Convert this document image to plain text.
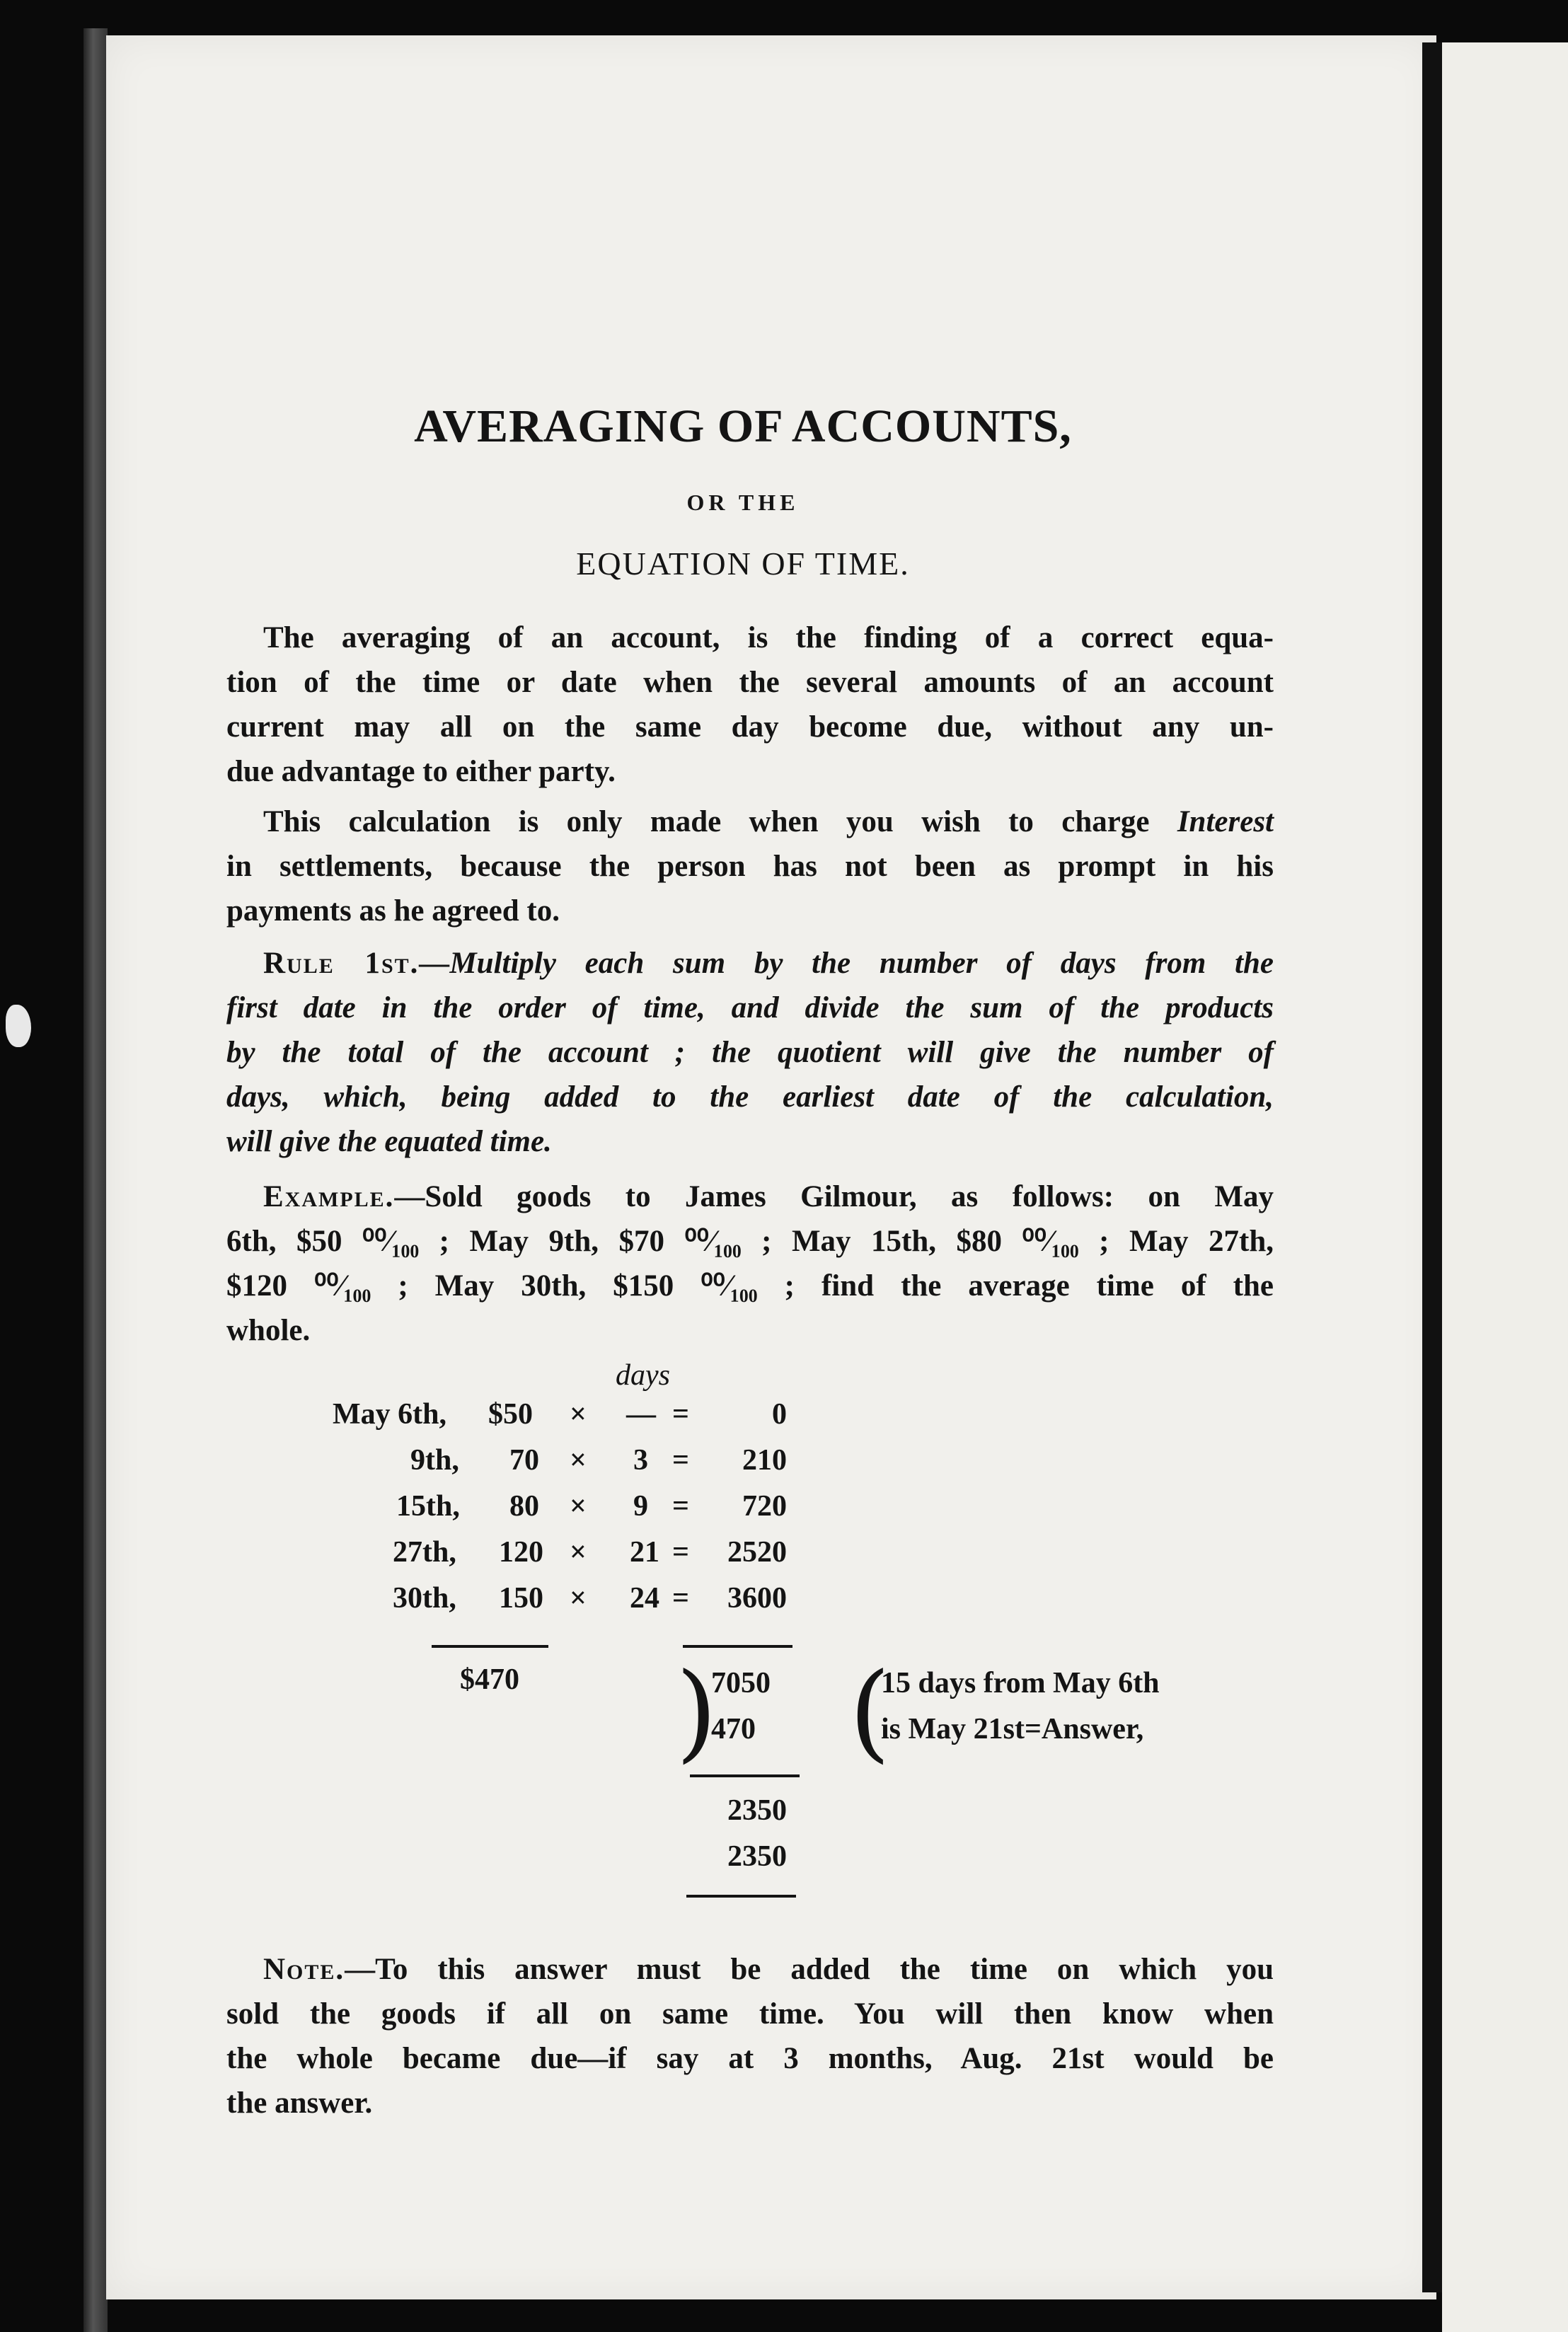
AVERAGING OF ACCOUNTS,
OR THE
EQUATION OF TIME.
The averaging of an account, is the finding of a correct equa-
tion of the time or date when the several amounts of an account
current may all on the same day become due, without any un-
due advantage to either party.
This calculation is only made when you wish to charge Interest
in settlements, because the person has not been as prompt in his
payments as he agreed to.
Rule 1st.—Multiply each sum by the number of days from the
first date in the order of time, and divide the sum of the products
by the total of the account ; the quotient will give the number of
days, which, being added to the earliest date of the calculation,
will give the equated time.
Example.—Sold goods to James Gilmour, as follows: on May
6th, $50 ⁰⁰⁄₁₀₀ ; May 9th, $70 ⁰⁰⁄₁₀₀ ; May 15th, $80 ⁰⁰⁄₁₀₀ ; May 27th,
$120 ⁰⁰⁄₁₀₀ ; May 30th, $150 ⁰⁰⁄₁₀₀ ; find the average time of the
whole.
days
May 6th, $50 × — =	0
9th, 70 × 3 =	210
15th, 80 × 9 =	720
27th, 120 × 21 =	2520
30th, 150 × 24 =	3600
$470 )
7050
470 (
15 days from May 6th
is May 21st=Answer,
2350
2350
Note.—To this answer must be added the time on which you
sold the goods if all on same time. You will then know when
the whole became due—if say at 3 months, Aug. 21st would be
the answer.
